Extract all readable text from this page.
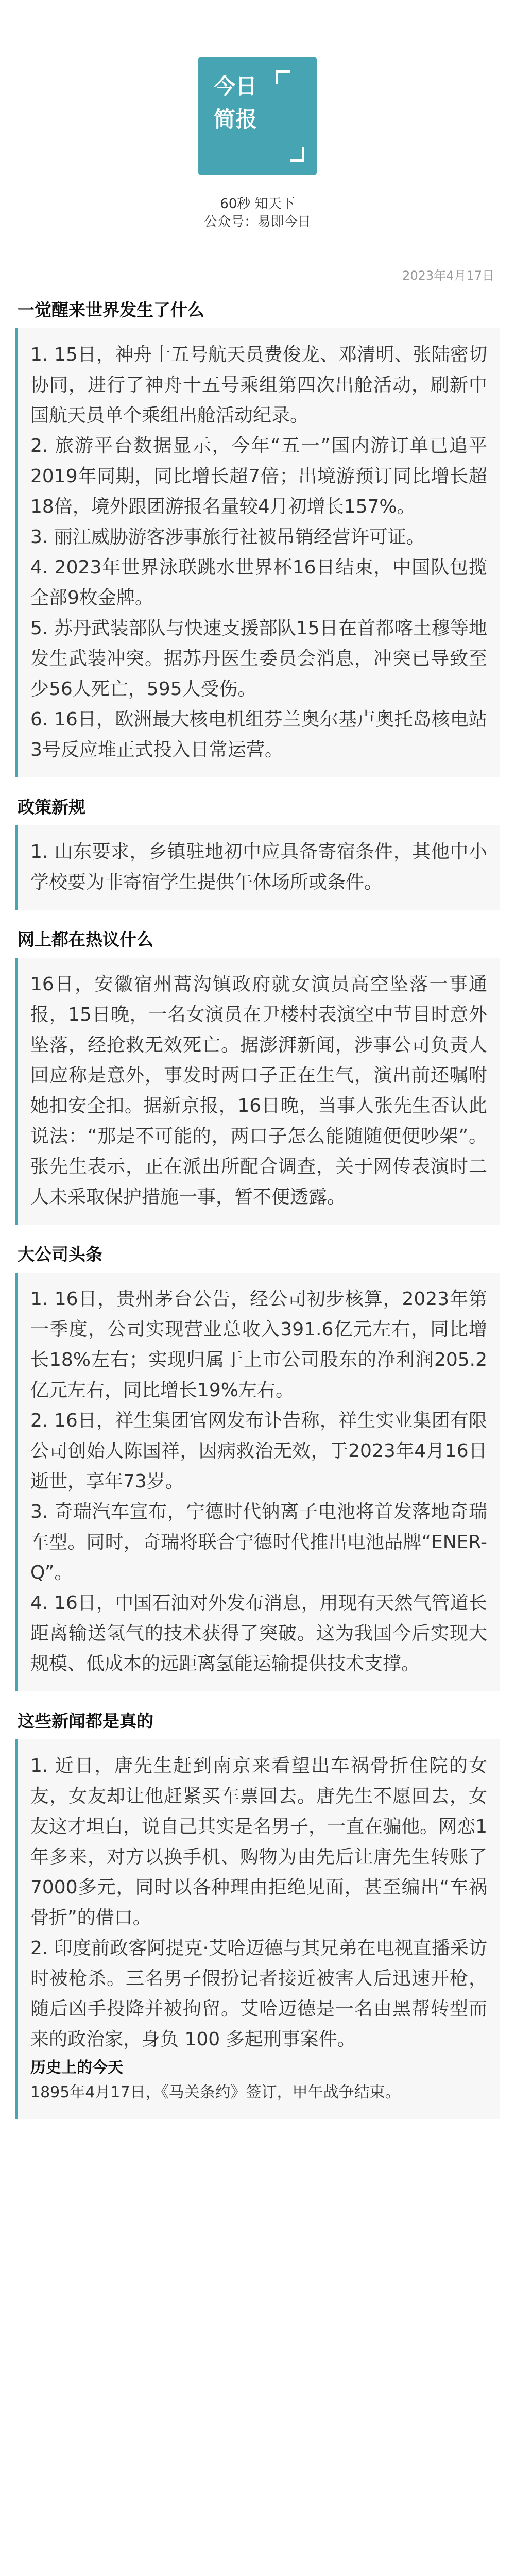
今日简报
60秒 知天下
公众号：易即今日
2023年4月17日
一觉醒来世界发生了什么

1. 15日，神舟十五号航天员费俊龙、邓清明、张陆密切协同，进行了神舟十五号乘组第四次出舱活动，刷新中国航天员单个乘组出舱活动纪录。

2. 旅游平台数据显示，今年“五一”国内游订单已追平2019年同期，同比增长超7倍；出境游预订同比增长超18倍，境外跟团游报名量较4月初增长157%。

3. 丽江威胁游客涉事旅行社被吊销经营许可证。

4. 2023年世界泳联跳水世界杯16日结束，中国队包揽全部9枚金牌。

5. 苏丹武装部队与快速支援部队15日在首都喀土穆等地发生武装冲突。据苏丹医生委员会消息，冲突已导致至少56人死亡，595人受伤。

6. 16日，欧洲最大核电机组芬兰奥尔基卢奥托岛核电站3号反应堆正式投入日常运营。

政策新规

1. 山东要求，乡镇驻地初中应具备寄宿条件，其他中小学校要为非寄宿学生提供午休场所或条件。

网上都在热议什么

16日，安徽宿州蒿沟镇政府就女演员高空坠落一事通报，15日晚，一名女演员在尹楼村表演空中节目时意外坠落，经抢救无效死亡。据澎湃新闻，涉事公司负责人回应称是意外，事发时两口子正在生气，演出前还嘱咐她扣安全扣。据新京报，16日晚，当事人张先生否认此说法：“那是不可能的，两口子怎么能随随便便吵架”。张先生表示，正在派出所配合调查，关于网传表演时二人未采取保护措施一事，暂不便透露。

大公司头条

1. 16日，贵州茅台公告，经公司初步核算，2023年第一季度，公司实现营业总收入391.6亿元左右，同比增长18%左右；实现归属于上市公司股东的净利润205.2亿元左右，同比增长19%左右。

2. 16日，祥生集团官网发布讣告称，祥生实业集团有限公司创始人陈国祥，因病救治无效，于2023年4月16日逝世，享年73岁。

3. 奇瑞汽车宣布，宁德时代钠离子电池将首发落地奇瑞车型。同时，奇瑞将联合宁德时代推出电池品牌“ENER-Q”。

4. 16日，中国石油对外发布消息，用现有天然气管道长距离输送氢气的技术获得了突破。这为我国今后实现大规模、低成本的远距离氢能运输提供技术支撑。

这些新闻都是真的

1. 近日，唐先生赶到南京来看望出车祸骨折住院的女友，女友却让他赶紧买车票回去。唐先生不愿回去，女友这才坦白，说自己其实是名男子，一直在骗他。网恋1年多来，对方以换手机、购物为由先后让唐先生转账了7000多元，同时以各种理由拒绝见面，甚至编出“车祸骨折”的借口。

2. 印度前政客阿提克·艾哈迈德与其兄弟在电视直播采访时被枪杀。三名男子假扮记者接近被害人后迅速开枪，随后凶手投降并被拘留。艾哈迈德是一名由黑帮转型而来的政治家，身负 100 多起刑事案件。

历史上的今天
1895年4月17日，《马关条约》签订，甲午战争结束。
